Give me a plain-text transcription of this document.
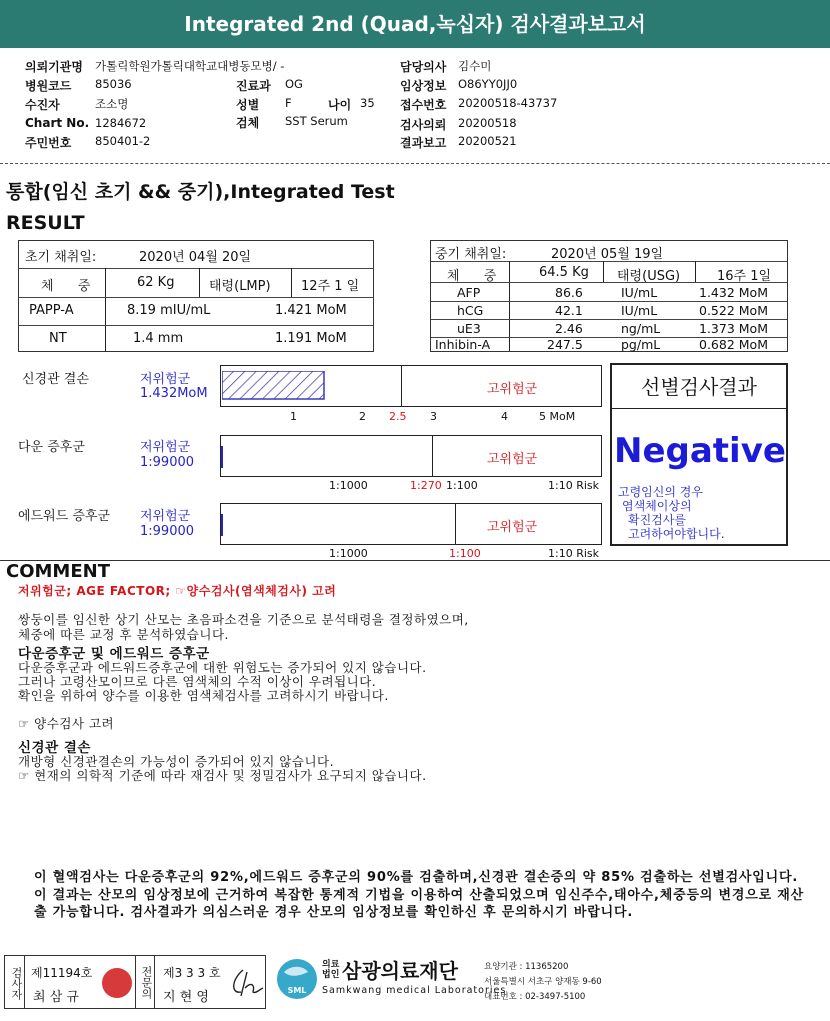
Integrated 2nd (Quad,녹십자) 검사결과보고서
의뢰기관명 가톨릭학원가톨릭대학교대병동모병/ -
병원코드 85036
수진자	조소명
Chart No. 1284672
주민번호 850401-2
진료과 OG
성별 F	나이 35
검체 SST Serum
담당의사 김수미
임상정보 O86YY0JJ0
접수번호 20200518-43737
검사의뢰 20200518
결과보고 20200521
통합(임신 초기 && 중기),Integrated Test
RESULT
초기 채취일:	2020년 04월 20일
체 중	62 Kg	태령(LMP) 12주 1 일
PAPP-A	8.19 mIU/mL	1.421 MoM
NT	1.4 mm	1.191 MoM
중기 채취일:	2020년 05월 19일
체 중	64.5 Kg 태령(USG)	16주 1일
AFP	86.6	IU/mL	1.432 MoM
hCG	42.1	IU/mL	0.522 MoM
uE3	2.46	ng/mL	1.373 MoM
Inhibin-A	247.5	pg/mL	0.682 MoM
신경관 결손	저위험군
1.432MoM	고위험군
1	2 2.5 3	4	5 MoM
다운 증후군	저위험군
1:99000	고위험군
1:1000	1:270 1:100	1:10 Risk
에드워드 증후군 저위험군
1:99000	고위험군
1:1000	1:100	1:10 Risk
선별검사결과
Negative
고령임신의 경우
염색체이상의
확진검사를
고려하여야합니다.
COMMENT
저위험군; AGE FACTOR; ☞양수검사(염색체검사) 고려
쌍둥이를 임신한 상기 산모는 초음파소견을 기준으로 분석태령을 결정하였으며,
체중에 따른 교정 후 분석하였습니다.
다운증후군 및 에드워드 증후군
다운증후군과 에드워드증후군에 대한 위험도는 증가되어 있지 않습니다.
그러나 고령산모이므로 다른 염색체의 수적 이상이 우려됩니다.
확인을 위하여 양수를 이용한 염색체검사를 고려하시기 바랍니다.
☞ 양수검사 고려
신경관 결손
개방형 신경관결손의 가능성이 증가되어 있지 않습니다.
☞ 현재의 의학적 기준에 따라 재검사 및 정밀검사가 요구되지 않습니다.
이 혈액검사는 다운증후군의 92%,에드워드 증후군의 90%를 검출하며,신경관 결손증의 약 85% 검출하는 선별검사입니다. 이 결과는 산모의 임상정보에 근거하여 복잡한 통계적 기법을 이용하여 산출되었으며 임신주수,태아수,체중등의 변경으로 재산출 가능합니다. 검사결과가 의심스러운 경우 산모의 임상정보를 확인하신 후 문의하시기 바랍니다.
검사자 제11194호
최 삼 규	전문의 제3 3 3 호
지 현 영	SML
의료법인 삼광의료재단
Samkwang medical Laboratories
요양기관 : 11365200
서울특별시 서초구 양재동 9-60
대표번호 : 02-3497-5100
